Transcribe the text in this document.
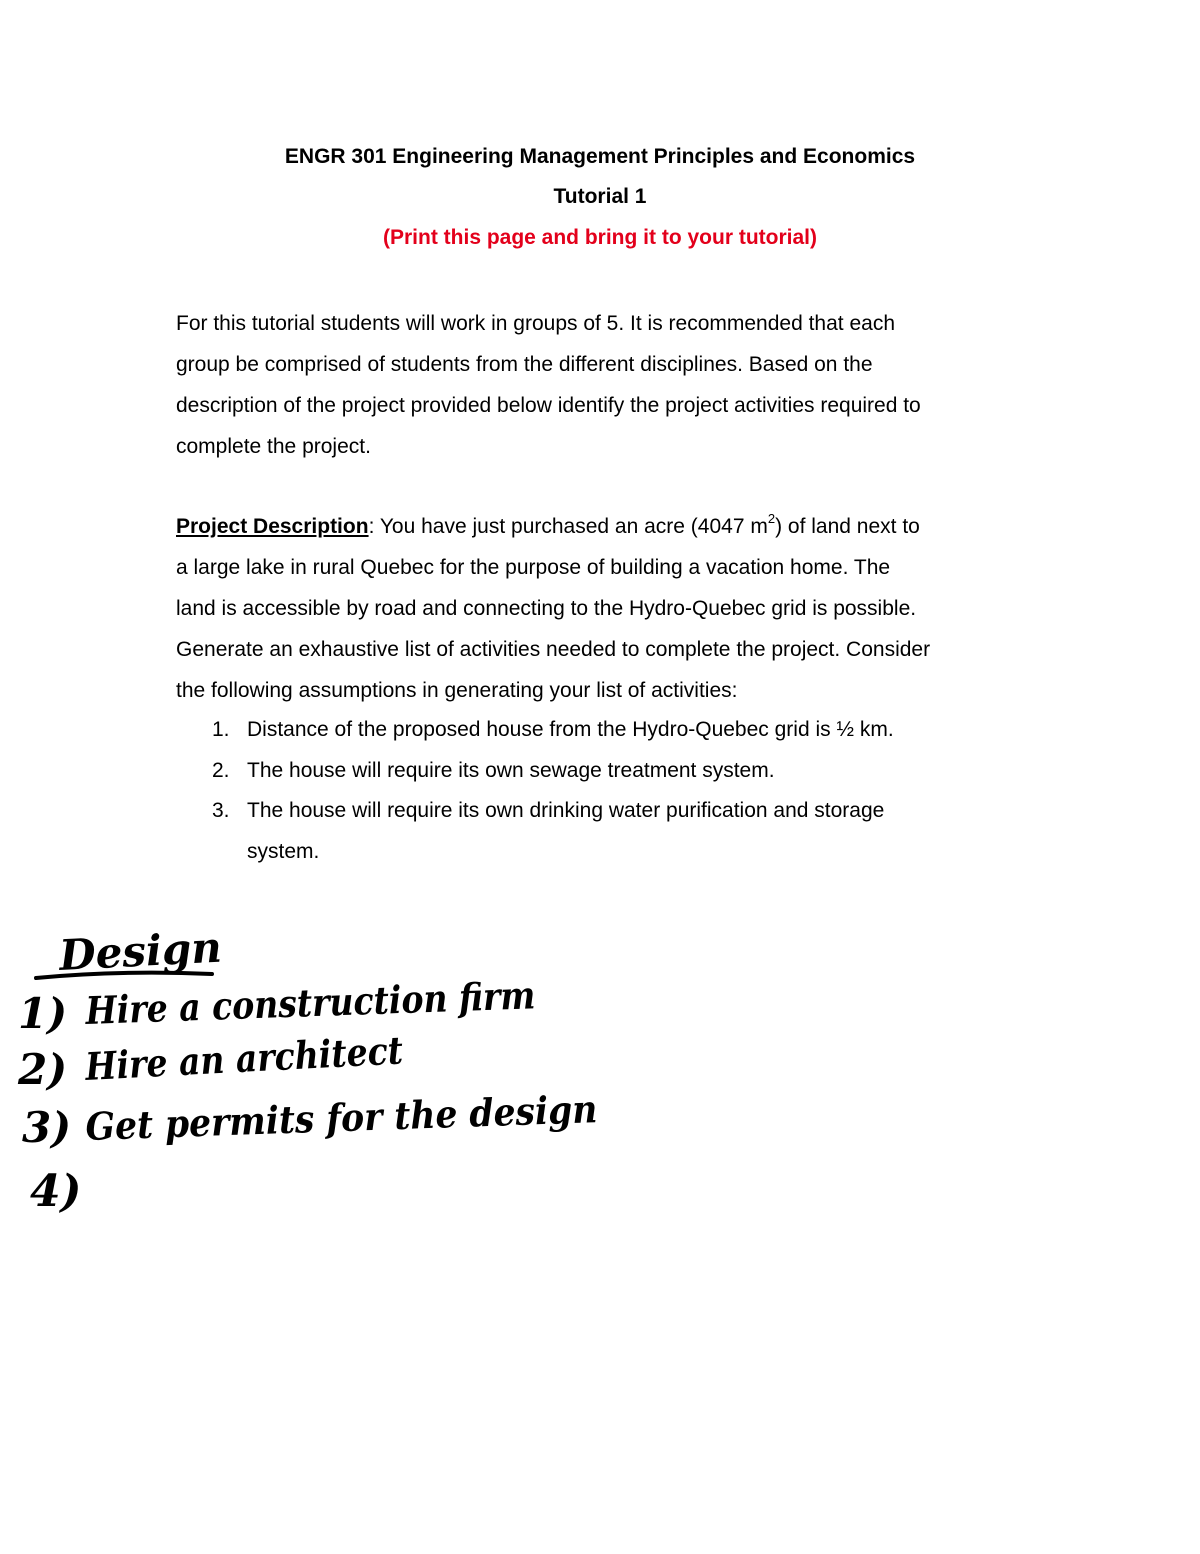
ENGR 301 Engineering Management Principles and Economics
Tutorial 1
(Print this page and bring it to your tutorial)
For this tutorial students will work in groups of 5. It is recommended that each
group be comprised of students from the different disciplines. Based on the
description of the project provided below identify the project activities required to
complete the project.
Project Description: You have just purchased an acre (4047 $m^2$) of land next to
a large lake in rural Quebec for the purpose of building a vacation home. The
land is accessible by road and connecting to the Hydro-Quebec grid is possible.
Generate an exhaustive list of activities needed to complete the project. Consider
the following assumptions in generating your list of activities:
1. Distance of the proposed house from the Hydro-Quebec grid is ½ km.
2. The house will require its own sewage treatment system.
3. The house will require its own drinking water purification and storage
system.
Design
1) Hire a construction firm
2) Hire an architect
3) Get permits for the design
4)
